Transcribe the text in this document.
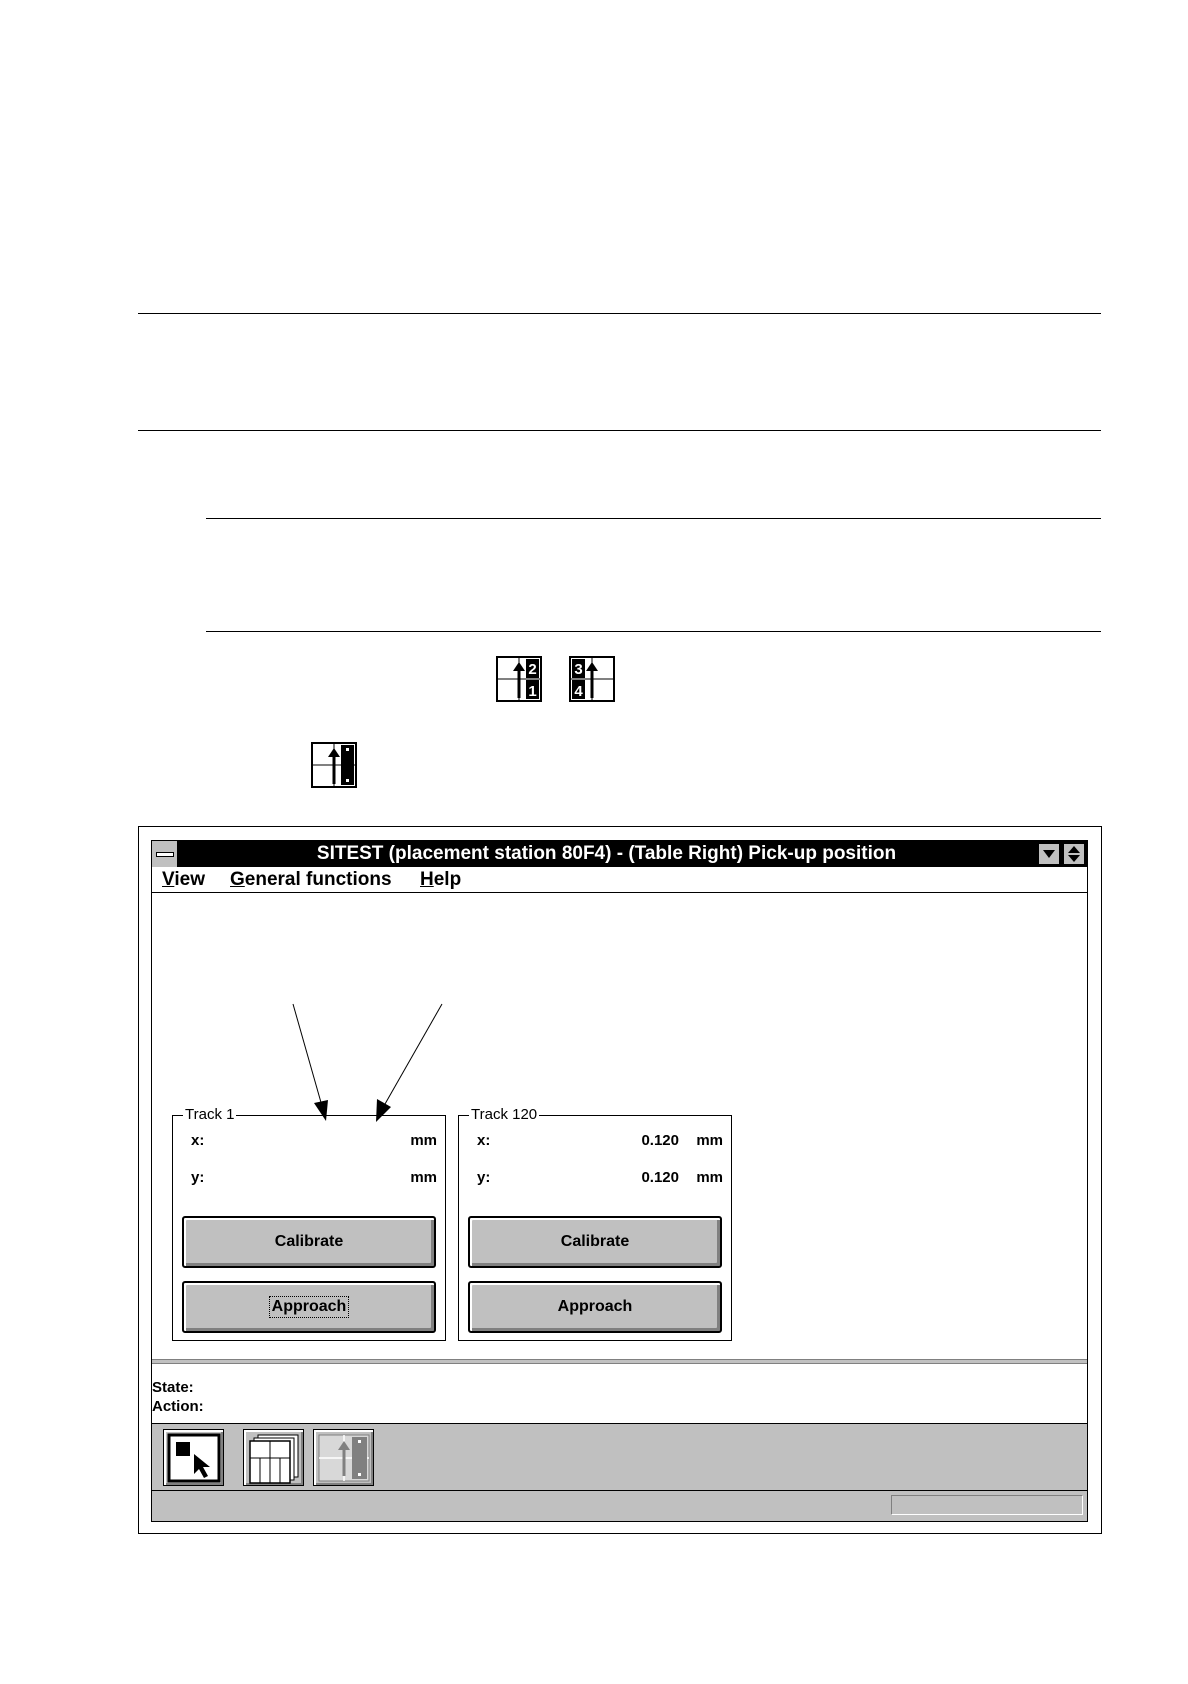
2
1
3
4
SITEST (placement station 80F4) - (Table Right) Pick-up position
View General functions Help
Track 1
x:	mm
y:	mm
Calibrate
Approach
Track 120
x:	0.120 mm
y:	0.120 mm
Calibrate
Approach
State:
Action:
